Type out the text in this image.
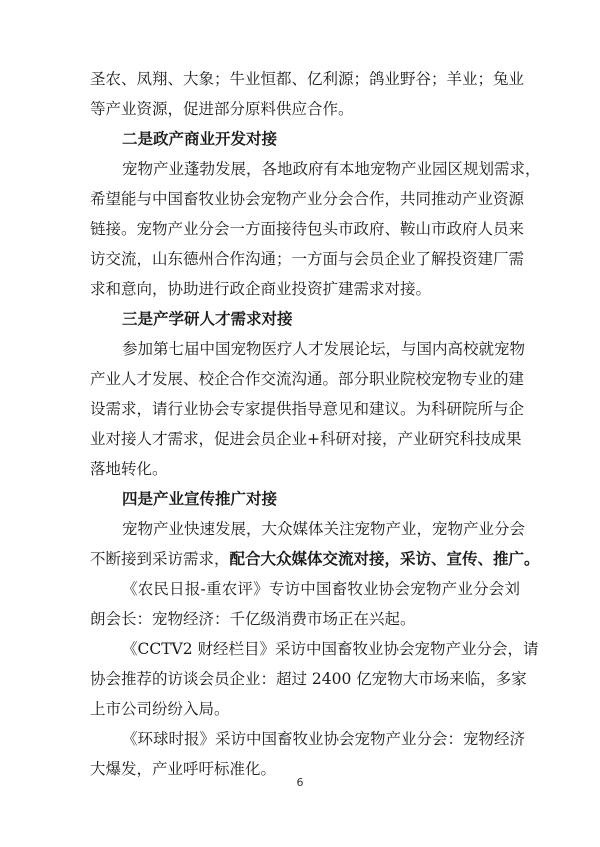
圣农、凤翔、大象；牛业恒都、亿利源；鸽业野谷；羊业；兔业
等产业资源，促进部分原料供应合作。
二是政产商业开发对接
宠物产业蓬勃发展，各地政府有本地宠物产业园区规划需求，
希望能与中国畜牧业协会宠物产业分会合作，共同推动产业资源
链接。宠物产业分会一方面接待包头市政府、鞍山市政府人员来
访交流，山东德州合作沟通；一方面与会员企业了解投资建厂需
求和意向，协助进行政企商业投资扩建需求对接。
三是产学研人才需求对接
参加第七届中国宠物医疗人才发展论坛，与国内高校就宠物
产业人才发展、校企合作交流沟通。部分职业院校宠物专业的建
设需求，请行业协会专家提供指导意见和建议。为科研院所与企
业对接人才需求，促进会员企业+科研对接，产业研究科技成果
落地转化。
四是产业宣传推广对接
宠物产业快速发展，大众媒体关注宠物产业，宠物产业分会
不断接到采访需求，配合大众媒体交流对接，采访、宣传、推广。
《农民日报-重农评》专访中国畜牧业协会宠物产业分会刘
朗会长：宠物经济：千亿级消费市场正在兴起。
《CCTV2 财经栏目》采访中国畜牧业协会宠物产业分会，请
协会推荐的访谈会员企业：超过 2400 亿宠物大市场来临，多家
上市公司纷纷入局。
6
《环球时报》采访中国畜牧业协会宠物产业分会：宠物经济
大爆发，产业呼吁标准化。
